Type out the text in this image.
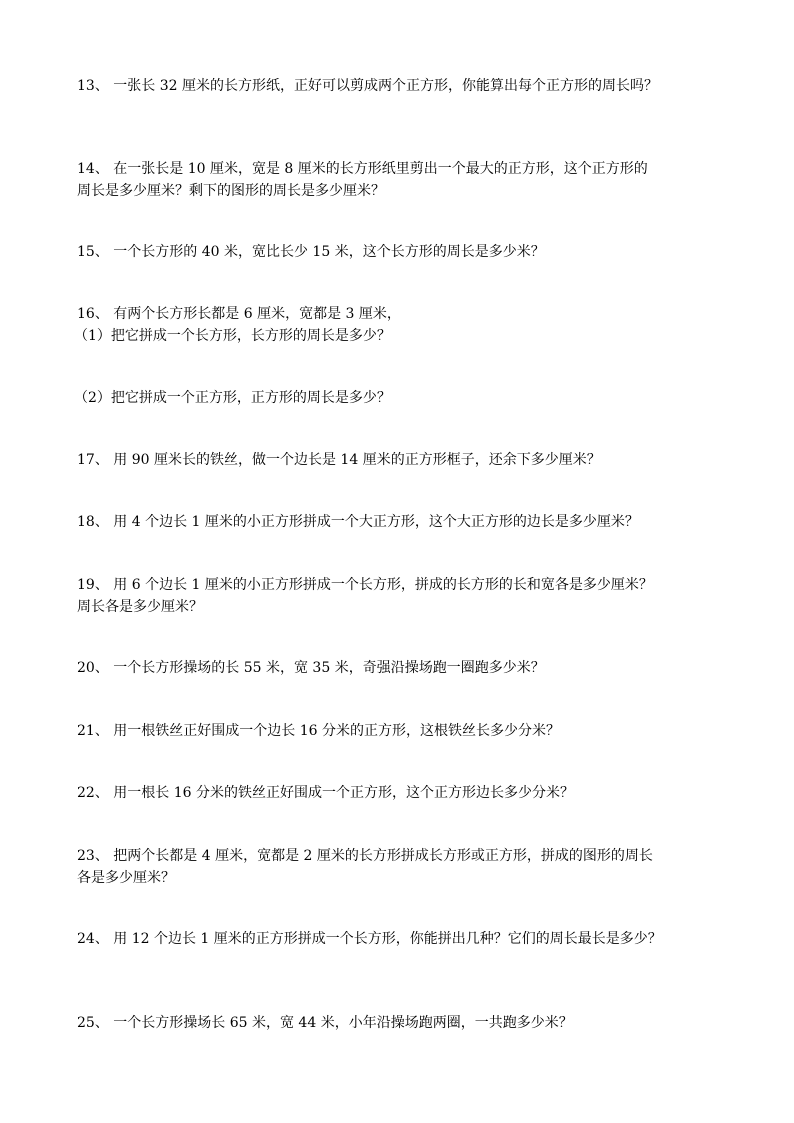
13、 一张长 32 厘米的长方形纸，正好可以剪成两个正方形，你能算出每个正方形的周长吗？
14、 在一张长是 10 厘米，宽是 8 厘米的长方形纸里剪出一个最大的正方形，这个正方形的
周长是多少厘米？剩下的图形的周长是多少厘米？
15、 一个长方形的 40 米，宽比长少 15 米，这个长方形的周长是多少米？
16、 有两个长方形长都是 6 厘米，宽都是 3 厘米，
（1）把它拼成一个长方形，长方形的周长是多少？
（2）把它拼成一个正方形，正方形的周长是多少？
17、 用 90 厘米长的铁丝，做一个边长是 14 厘米的正方形框子，还余下多少厘米？
18、 用 4 个边长 1 厘米的小正方形拼成一个大正方形，这个大正方形的边长是多少厘米？
19、 用 6 个边长 1 厘米的小正方形拼成一个长方形，拼成的长方形的长和宽各是多少厘米？
周长各是多少厘米？
20、 一个长方形操场的长 55 米，宽 35 米，奇强沿操场跑一圈跑多少米？
21、 用一根铁丝正好围成一个边长 16 分米的正方形，这根铁丝长多少分米？
22、 用一根长 16 分米的铁丝正好围成一个正方形，这个正方形边长多少分米？
23、 把两个长都是 4 厘米，宽都是 2 厘米的长方形拼成长方形或正方形，拼成的图形的周长
各是多少厘米？
24、 用 12 个边长 1 厘米的正方形拼成一个长方形，你能拼出几种？它们的周长最长是多少？
25、 一个长方形操场长 65 米，宽 44 米，小年沿操场跑两圈，一共跑多少米？
